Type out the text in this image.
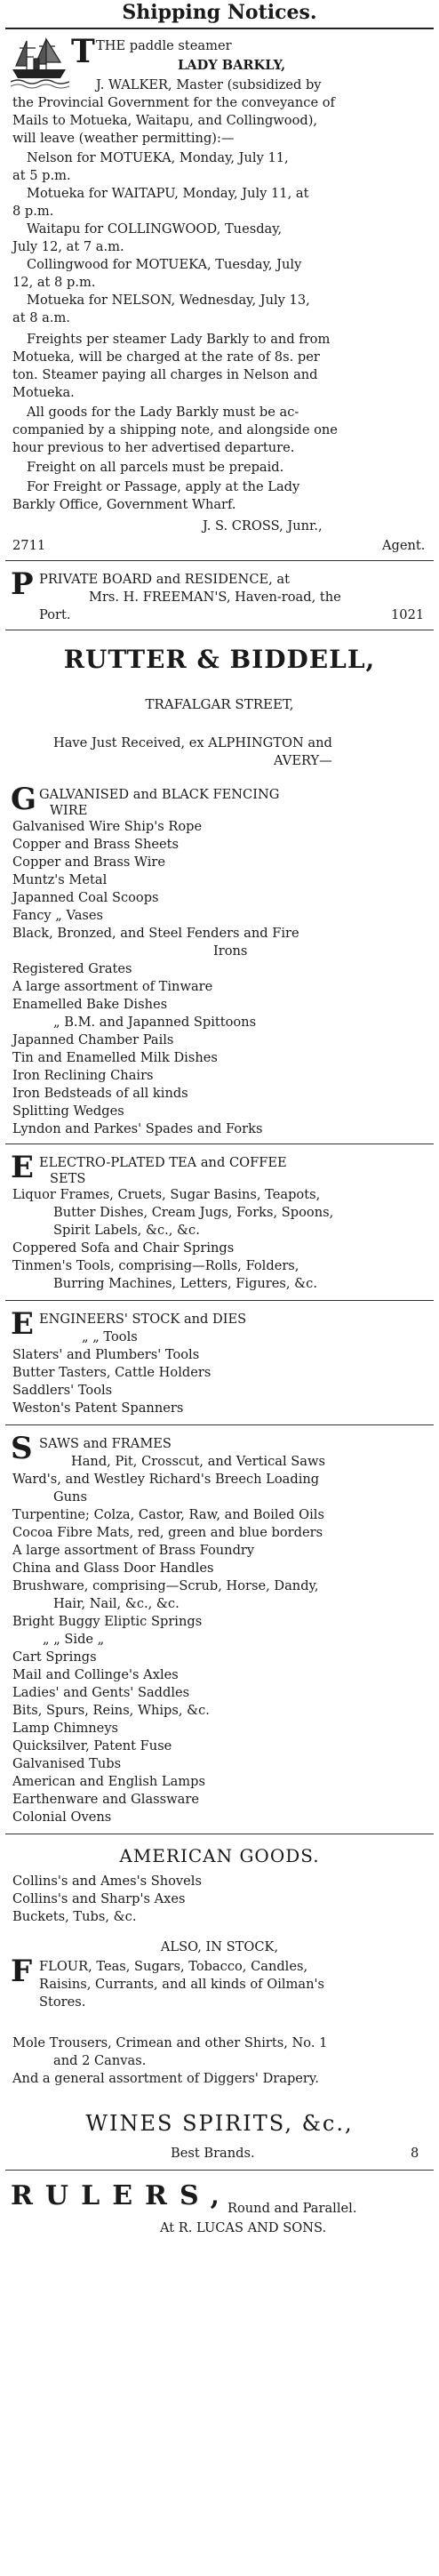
Shipping Notices.
T THE paddle steamer
LADY BARKLY,
J. WALKER, Master (subsidized by
the Provincial Government for the conveyance of
Mails to Motueka, Waitapu, and Collingwood),
will leave (weather permitting):—
Nelson for MOTUEKA, Monday, July 11,
at 5 p.m.
Motueka for WAITAPU, Monday, July 11, at
8 p.m.
Waitapu for COLLINGWOOD, Tuesday,
July 12, at 7 a.m.
Collingwood for MOTUEKA, Tuesday, July
12, at 8 p.m.
Motueka for NELSON, Wednesday, July 13,
at 8 a.m.
Freights per steamer Lady Barkly to and from
Motueka, will be charged at the rate of 8s. per
ton. Steamer paying all charges in Nelson and
Motueka.
All goods for the Lady Barkly must be ac-
companied by a shipping note, and alongside one
hour previous to her advertised departure.
Freight on all parcels must be prepaid.
For Freight or Passage, apply at the Lady
Barkly Office, Government Wharf.
J. S. CROSS, Junr.,
2711	Agent.
P PRIVATE BOARD and RESIDENCE, at
Mrs. H. FREEMAN'S, Haven-road, the
Port.	1021
RUTTER & BIDDELL,
TRAFALGAR STREET,
Have Just Received, ex ALPHINGTON and
AVERY—
G GALVANISED and BLACK FENCING
WIRE
Galvanised Wire Ship's Rope
Copper and Brass Sheets
Copper and Brass Wire
Muntz's Metal
Japanned Coal Scoops
Fancy „ Vases
Black, Bronzed, and Steel Fenders and Fire
Irons
Registered Grates
A large assortment of Tinware
Enamelled Bake Dishes
„ B.M. and Japanned Spittoons
Japanned Chamber Pails
Tin and Enamelled Milk Dishes
Iron Reclining Chairs
Iron Bedsteads of all kinds
Splitting Wedges
Lyndon and Parkes' Spades and Forks
E ELECTRO-PLATED TEA and COFFEE
SETS
Liquor Frames, Cruets, Sugar Basins, Teapots,
Butter Dishes, Cream Jugs, Forks, Spoons,
Spirit Labels, &c., &c.
Coppered Sofa and Chair Springs
Tinmen's Tools, comprising—Rolls, Folders,
Burring Machines, Letters, Figures, &c.
E ENGINEERS' STOCK and DIES
„ „ Tools
Slaters' and Plumbers' Tools
Butter Tasters, Cattle Holders
Saddlers' Tools
Weston's Patent Spanners
S SAWS and FRAMES
Hand, Pit, Crosscut, and Vertical Saws
Ward's, and Westley Richard's Breech Loading
Guns
Turpentine; Colza, Castor, Raw, and Boiled Oils
Cocoa Fibre Mats, red, green and blue borders
A large assortment of Brass Foundry
China and Glass Door Handles
Brushware, comprising—Scrub, Horse, Dandy,
Hair, Nail, &c., &c.
Bright Buggy Eliptic Springs
„ „ Side „
Cart Springs
Mail and Collinge's Axles
Ladies' and Gents' Saddles
Bits, Spurs, Reins, Whips, &c.
Lamp Chimneys
Quicksilver, Patent Fuse
Galvanised Tubs
American and English Lamps
Earthenware and Glassware
Colonial Ovens
AMERICAN GOODS.
Collins's and Ames's Shovels
Collins's and Sharp's Axes
Buckets, Tubs, &c.
ALSO, IN STOCK,
F FLOUR, Teas, Sugars, Tobacco, Candles,
Raisins, Currants, and all kinds of Oilman's
Stores.
Mole Trousers, Crimean and other Shirts, No. 1
and 2 Canvas.
And a general assortment of Diggers' Drapery.
WINES SPIRITS, &c.,
Best Brands.	8
RULERS,
Round and Parallel.
At R. LUCAS AND SONS.
